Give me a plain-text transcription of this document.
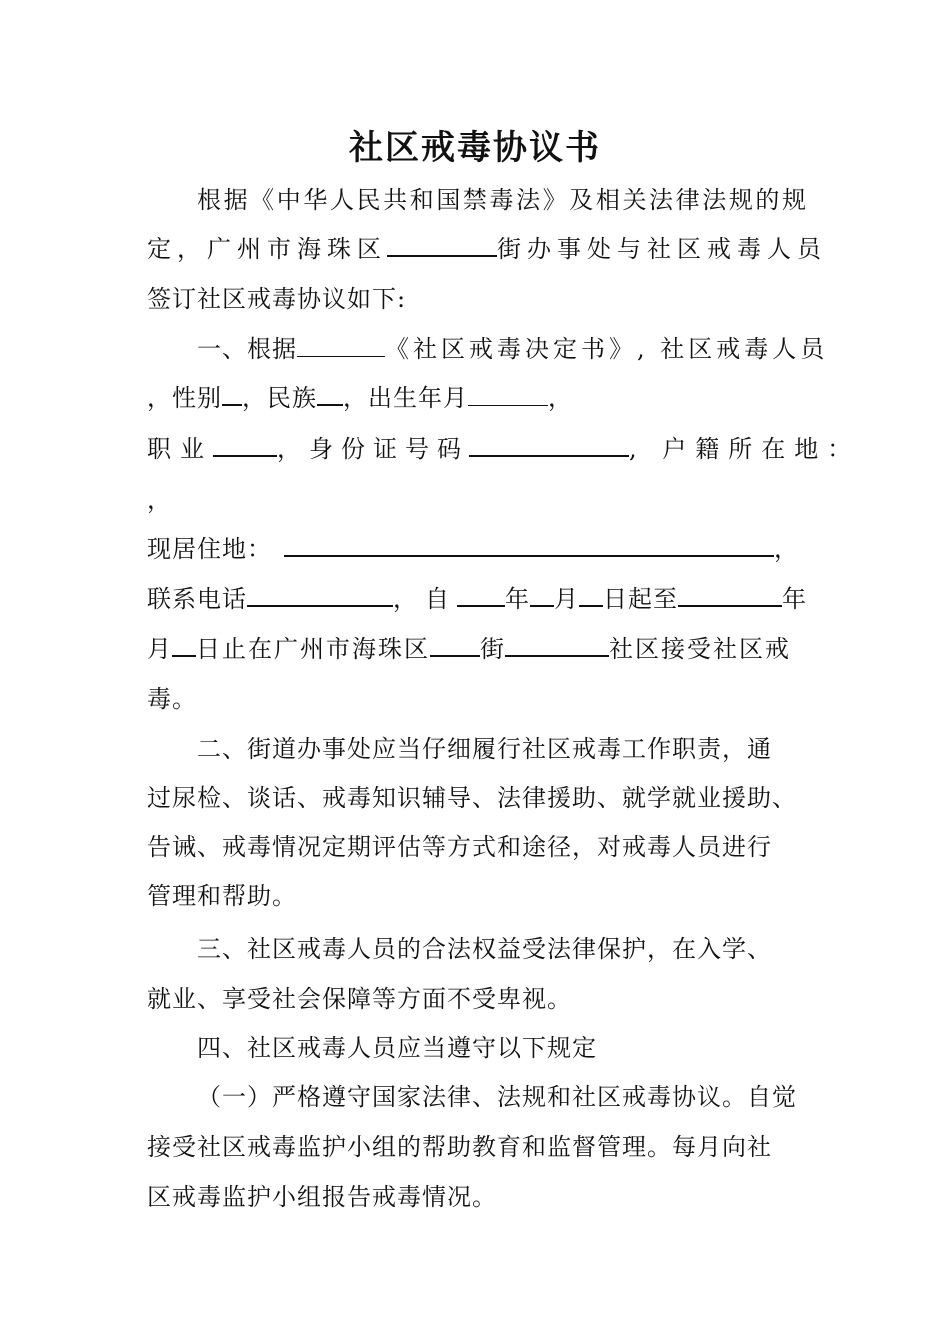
社区戒毒协议书
根据《中华人民共和国禁毒法》及相关法律法规的规
定，广州市海珠区	街办事处与社区戒毒人员
签订社区戒毒协议如下:
一、根据	《社区戒毒决定书》, 社区戒毒人员
，性别 ，民族 ，出生年月	，
职业	，身份证号码	, 户籍所在地：
，
现居住地：	，
联系电话	，自 年 月 日起至	年
月 日止在广州市海珠区 街	社区接受社区戒
毒。
二、街道办事处应当仔细履行社区戒毒工作职责，通
过尿检、谈话、戒毒知识辅导、法律援助、就学就业援助、
告诫、戒毒情况定期评估等方式和途径，对戒毒人员进行
管理和帮助。
三、社区戒毒人员的合法权益受法律保护，在入学、
就业、享受社会保障等方面不受卑视。
四、社区戒毒人员应当遵守以下规定
（一）严格遵守国家法律、法规和社区戒毒协议。自觉
接受社区戒毒监护小组的帮助教育和监督管理。每月向社
区戒毒监护小组报告戒毒情况。
